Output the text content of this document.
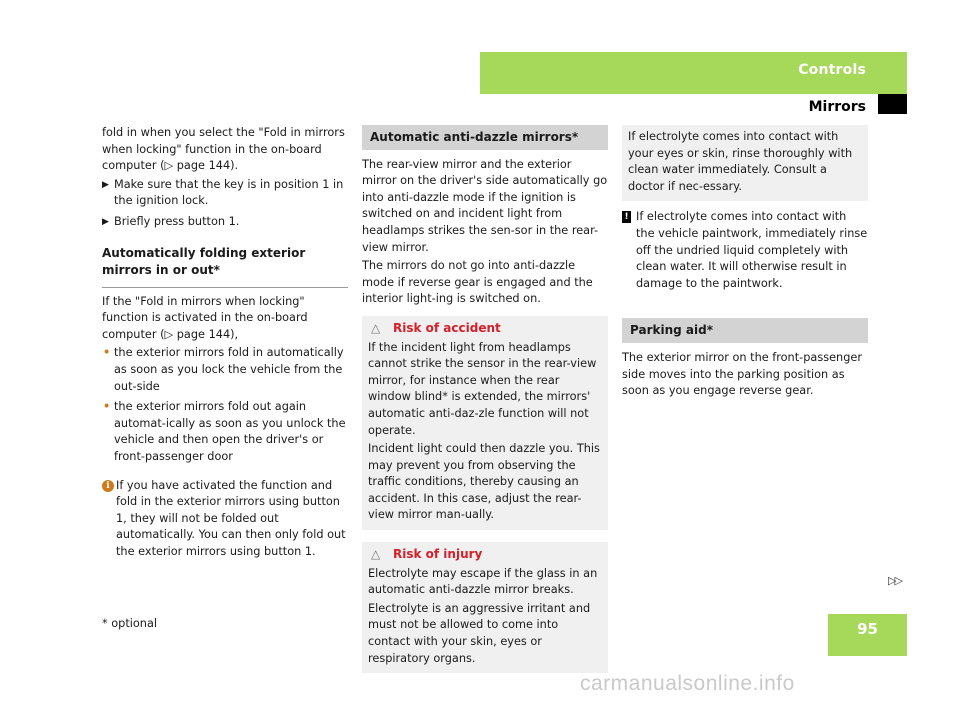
Controls
Mirrors

fold in when you select the "Fold in mirrors when locking" function in the on-board computer (▷ page 144).

▶ Make sure that the key is in position 1 in the ignition lock.
▶ Briefly press button 1.
Automatically folding exterior mirrors in or out*

If the "Fold in mirrors when locking" function is activated in the on-board computer (▷ page 144),

• the exterior mirrors fold in automatically as soon as you lock the vehicle from the out-side
• the exterior mirrors fold out again automat-ically as soon as you unlock the vehicle and then open the driver's or front-passenger door
i If you have activated the function and fold in the exterior mirrors using button 1, they will not be folded out automatically. You can then only fold out the exterior mirrors using button 1.
Automatic anti-dazzle mirrors*

The rear-view mirror and the exterior mirror on the driver's side automatically go into anti-dazzle mode if the ignition is switched on and incident light from headlamps strikes the sen-sor in the rear-view mirror.

The mirrors do not go into anti-dazzle mode if reverse gear is engaged and the interior light-ing is switched on.

△ Risk of accident

If the incident light from headlamps cannot strike the sensor in the rear-view mirror, for instance when the rear window blind* is extended, the mirrors' automatic anti-daz-zle function will not operate.

Incident light could then dazzle you. This may prevent you from observing the traffic conditions, thereby causing an accident. In this case, adjust the rear-view mirror man-ually.

△ Risk of injury

Electrolyte may escape if the glass in an automatic anti-dazzle mirror breaks.

Electrolyte is an aggressive irritant and must not be allowed to come into contact with your skin, eyes or respiratory organs.

If electrolyte comes into contact with your eyes or skin, rinse thoroughly with clean water immediately. Consult a doctor if nec-essary.

! If electrolyte comes into contact with the vehicle paintwork, immediately rinse off the undried liquid completely with clean water. It will otherwise result in damage to the paintwork.
Parking aid*

The exterior mirror on the front-passenger side moves into the parking position as soon as you engage reverse gear.

▷▷
* optional	95
carmanualsonline.info
